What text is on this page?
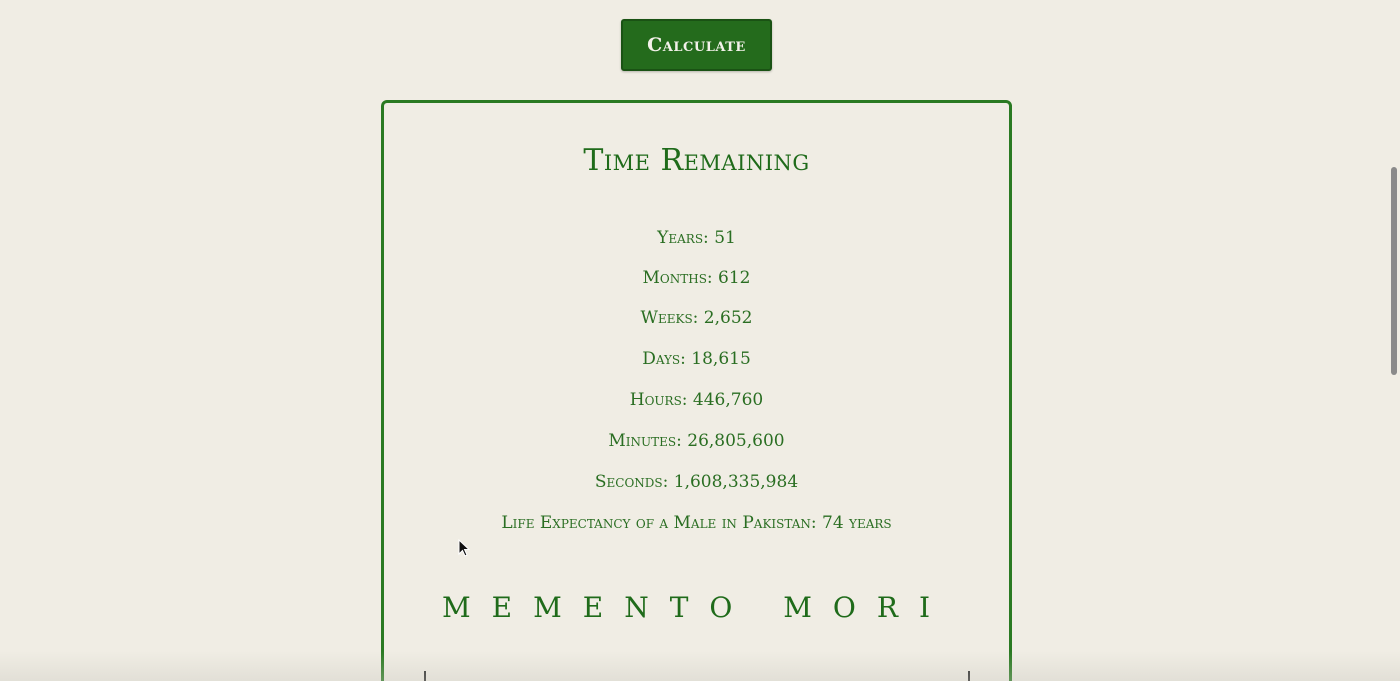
Calculate
Time Remaining
Years: 51
Months: 612
Weeks: 2,652
Days: 18,615
Hours: 446,760
Minutes: 26,805,600
Seconds: 1,608,335,984
Life Expectancy of a Male in Pakistan: 74 years
MEMENTO MORI
